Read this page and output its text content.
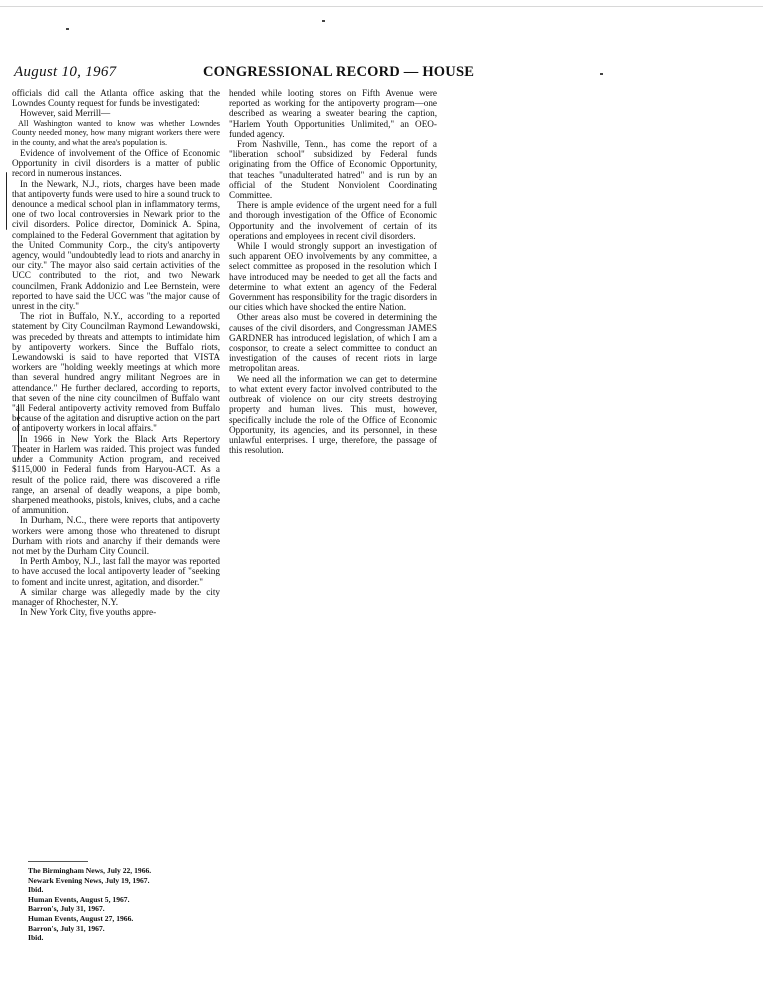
August 10, 1967	CONGRESSIONAL RECORD — HOUSE

officials did call the Atlanta office asking that the Lowndes County request for funds be investigated:

However, said Merrill—

All Washington wanted to know was whether Lowndes County needed money, how many migrant workers there were in the county, and what the area's population is.

Evidence of involvement of the Office of Economic Opportunity in civil disorders is a matter of public record in numerous instances.

In the Newark, N.J., riots, charges have been made that antipoverty funds were used to hire a sound truck to denounce a medical school plan in inflammatory terms, one of two local controversies in Newark prior to the civil disorders. Police director, Dominick A. Spina, complained to the Federal Government that agitation by the United Community Corp., the city's antipoverty agency, would "undoubtedly lead to riots and anarchy in our city." The mayor also said certain activities of the UCC contributed to the riot, and two Newark councilmen, Frank Addonizio and Lee Bernstein, were reported to have said the UCC was "the major cause of unrest in the city."

The riot in Buffalo, N.Y., according to a reported statement by City Councilman Raymond Lewandowski, was preceded by threats and attempts to intimidate him by antipoverty workers. Since the Buffalo riots, Lewandowski is said to have reported that VISTA workers are "holding weekly meetings at which more than several hundred angry militant Negroes are in attendance." He further declared, according to reports, that seven of the nine city councilmen of Buffalo want "all Federal antipoverty activity removed from Buffalo because of the agitation and disruptive action on the part of antipoverty workers in local affairs."

In 1966 in New York the Black Arts Repertory Theater in Harlem was raided. This project was funded under a Community Action program, and received $115,000 in Federal funds from Haryou-ACT. As a result of the police raid, there was discovered a rifle range, an arsenal of deadly weapons, a pipe bomb, sharpened meathooks, pistols, knives, clubs, and a cache of ammunition.

In Durham, N.C., there were reports that antipoverty workers were among those who threatened to disrupt Durham with riots and anarchy if their demands were not met by the Durham City Council.

In Perth Amboy, N.J., last fall the mayor was reported to have accused the local antipoverty leader of "seeking to foment and incite unrest, agitation, and disorder."

A similar charge was allegedly made by the city manager of Rhochester, N.Y.

In New York City, five youths appre-

hended while looting stores on Fifth Avenue were reported as working for the antipoverty program—one described as wearing a sweater bearing the caption, "Harlem Youth Opportunities Unlimited," an OEO-funded agency.

From Nashville, Tenn., has come the report of a "liberation school" subsidized by Federal funds originating from the Office of Economic Opportunity, that teaches "unadulterated hatred" and is run by an official of the Student Nonviolent Coordinating Committee.

There is ample evidence of the urgent need for a full and thorough investigation of the Office of Economic Opportunity and the involvement of certain of its operations and employees in recent civil disorders.

While I would strongly support an investigation of such apparent OEO involvements by any committee, a select committee as proposed in the resolution which I have introduced may be needed to get all the facts and determine to what extent an agency of the Federal Government has responsibility for the tragic disorders in our cities which have shocked the entire Nation.

Other areas also must be covered in determining the causes of the civil disorders, and Congressman JAMES GARDNER has introduced legislation, of which I am a cosponsor, to create a select committee to conduct an investigation of the causes of recent riots in large metropolitan areas.

We need all the information we can get to determine to what extent every factor involved contributed to the outbreak of violence on our city streets destroying property and human lives. This must, however, specifically include the role of the Office of Economic Opportunity, its agencies, and its personnel, in these unlawful enterprises. I urge, therefore, the passage of this resolution.

The Birmingham News, July 22, 1966.

Newark Evening News, July 19, 1967.

Ibid.

Human Events, August 5, 1967.

Barron's, July 31, 1967.

Human Events, August 27, 1966.

Barron's, July 31, 1967.

Ibid.
